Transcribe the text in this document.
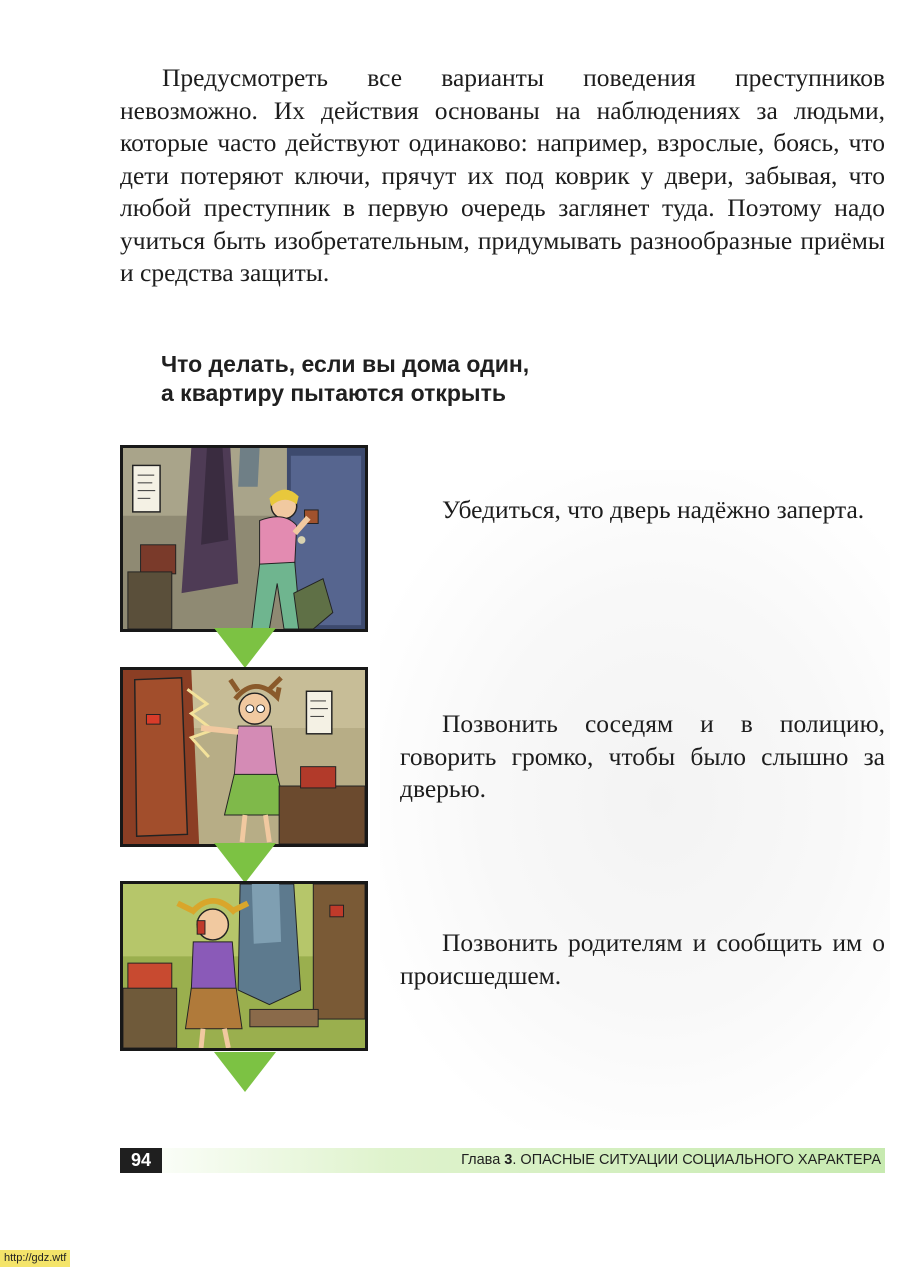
Предусмотреть все варианты поведения преступников невозможно. Их действия основаны на наблюдениях за людьми, которые часто действуют одинаково: например, взрослые, боясь, что дети потеряют ключи, прячут их под коврик у двери, забывая, что любой преступник в первую очередь заглянет туда. Поэтому надо учиться быть изобретательным, придумывать разнообразные приёмы и средства защиты.

Что делать, если вы дома один,
а квартиру пытаются открыть

Убедиться, что дверь надёжно заперта.

Позвонить соседям и в полицию, говорить громко, чтобы было слышно за дверью.

Позвонить родителям и сообщить им о происшедшем.

94	Глава 3. ОПАСНЫЕ СИТУАЦИИ СОЦИАЛЬНОГО ХАРАКТЕРА
http://gdz.wtf
